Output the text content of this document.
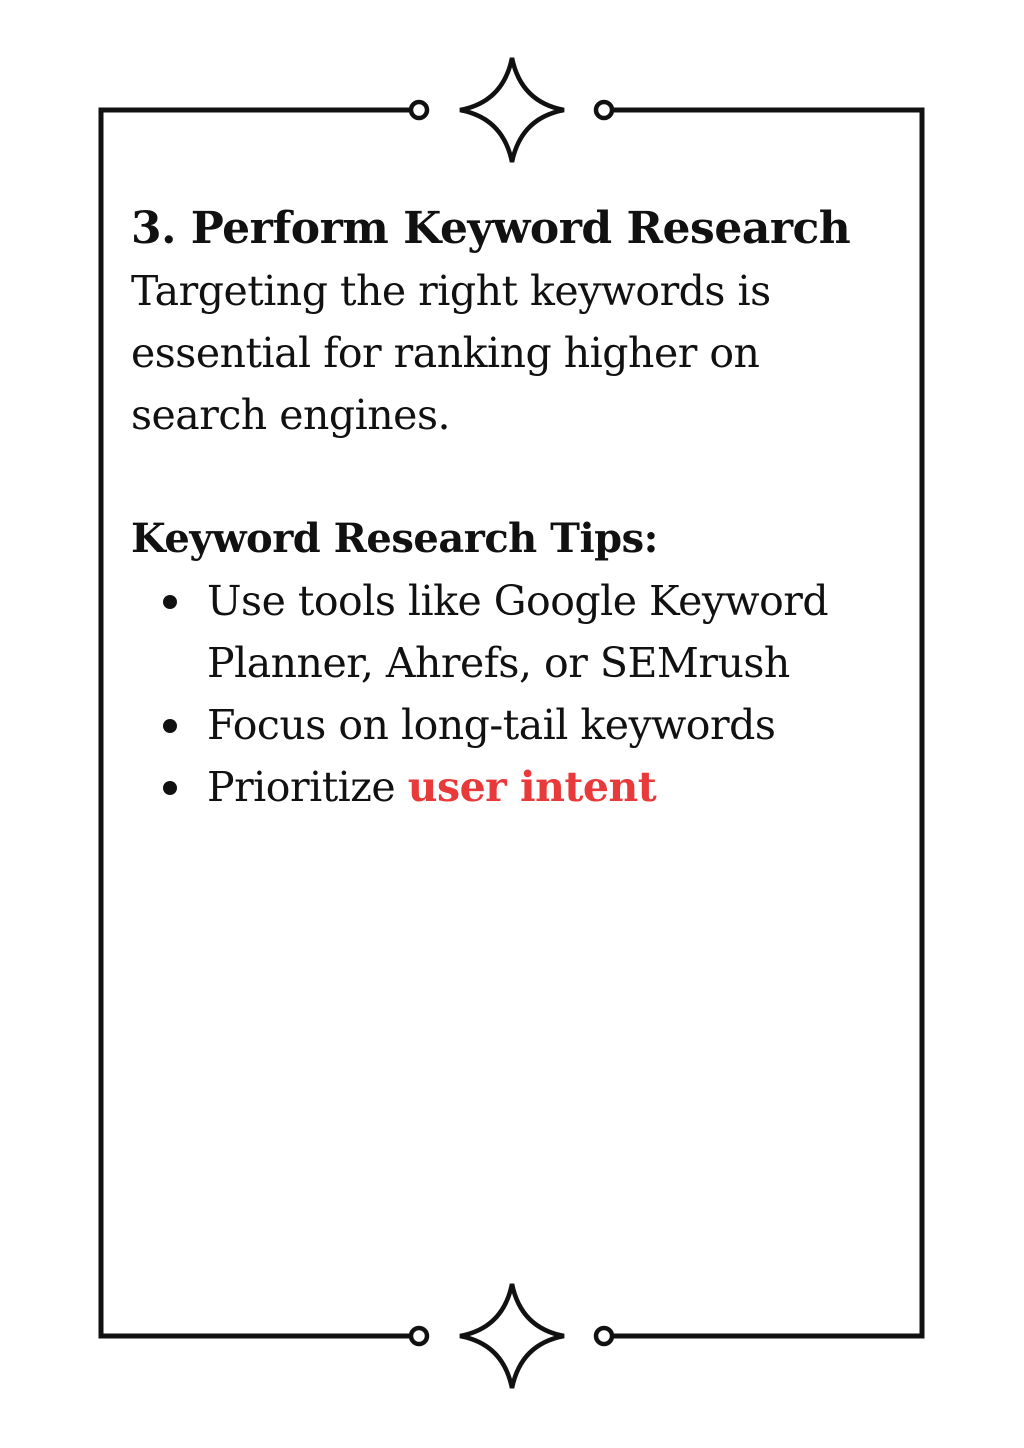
3. Perform Keyword Research

Targeting the right keywords is essential for ranking higher on search engines.

Keyword Research Tips:
Use tools like Google Keyword Planner, Ahrefs, or SEMrush
Focus on long-tail keywords
Prioritize user intent
